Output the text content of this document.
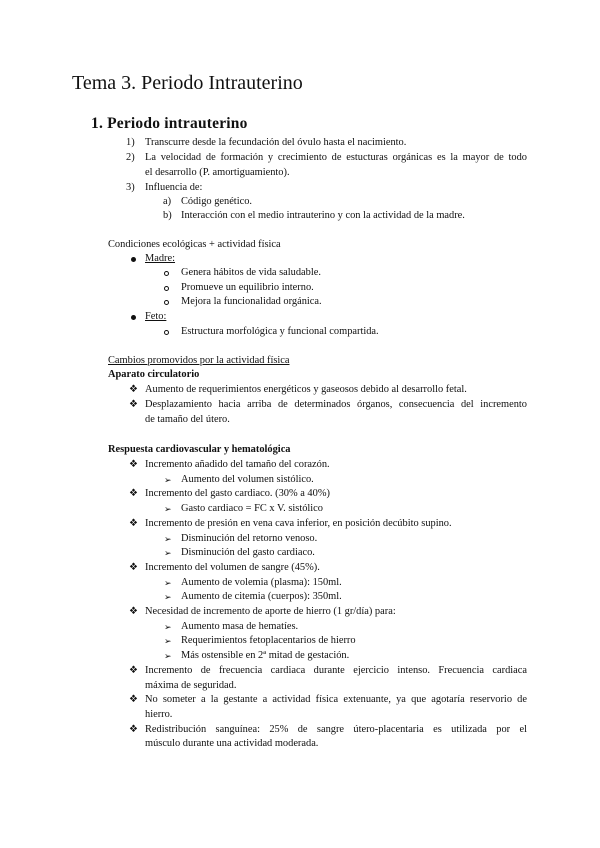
Tema 3. Periodo Intrauterino
1. Periodo intrauterino
1) Transcurre desde la fecundación del óvulo hasta el nacimiento.
2) La velocidad de formación y crecimiento de estucturas orgánicas es la mayor de todo
el desarrollo (P. amortiguamiento).
3) Influencia de:
a) Código genético.
b) Interacción con el medio intrauterino y con la actividad de la madre.
Condiciones ecológicas + actividad física
Madre:
Genera hábitos de vida saludable.
Promueve un equilibrio interno.
Mejora la funcionalidad orgánica.
Feto:
Estructura morfológica y funcional compartida.
Cambios promovidos por la actividad física
Aparato circulatorio
❖ Aumento de requerimientos energéticos y gaseosos debido al desarrollo fetal.
❖ Desplazamiento hacia arriba de determinados órganos, consecuencia del incremento
de tamaño del útero.
Respuesta cardiovascular y hematológica
❖ Incremento añadido del tamaño del corazón.
➢ Aumento del volumen sistólico.
❖ Incremento del gasto cardiaco. (30% a 40%)
➢ Gasto cardiaco = FC x V. sistólico
❖ Incremento de presión en vena cava inferior, en posición decúbito supino.
➢ Disminución del retorno venoso.
➢ Disminución del gasto cardiaco.
❖ Incremento del volumen de sangre (45%).
➢ Aumento de volemia (plasma): 150ml.
➢ Aumento de citemia (cuerpos): 350ml.
❖ Necesidad de incremento de aporte de hierro (1 gr/día) para:
➢ Aumento masa de hematíes.
➢ Requerimientos fetoplacentarios de hierro
➢ Más ostensible en 2ª mitad de gestación.
❖ Incremento de frecuencia cardiaca durante ejercicio intenso. Frecuencia cardiaca
máxima de seguridad.
❖ No someter a la gestante a actividad física extenuante, ya que agotaría reservorio de
hierro.
❖ Redistribución sanguínea: 25% de sangre útero-placentaria es utilizada por el
músculo durante una actividad moderada.
